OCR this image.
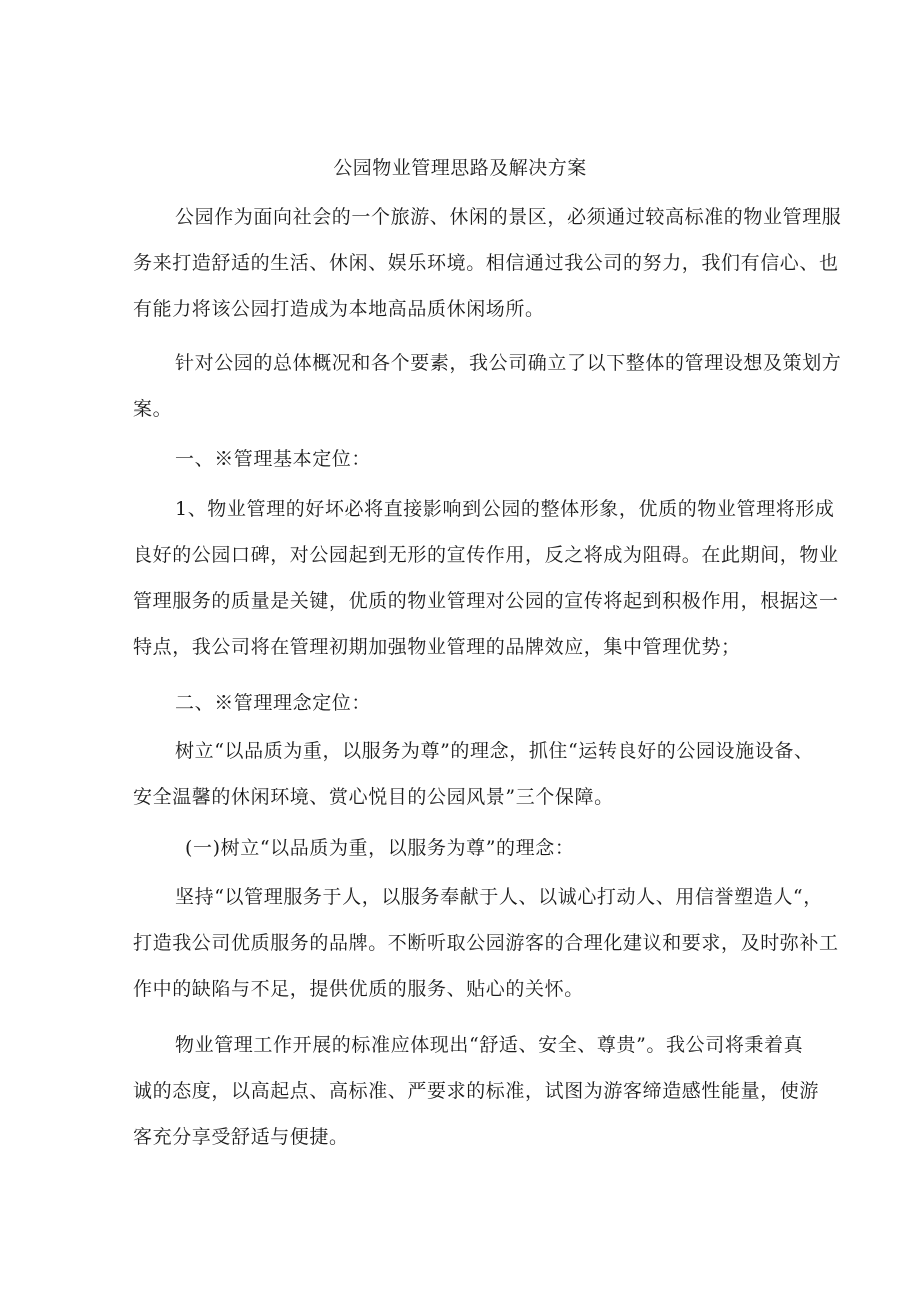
公园物业管理思路及解决方案
公园作为面向社会的一个旅游、休闲的景区，必须通过较高标准的物业管理服
务来打造舒适的生活、休闲、娱乐环境。相信通过我公司的努力，我们有信心、也
有能力将该公园打造成为本地高品质休闲场所。
针对公园的总体概况和各个要素，我公司确立了以下整体的管理设想及策划方
案。
一、※管理基本定位：
1、物业管理的好坏必将直接影响到公园的整体形象，优质的物业管理将形成
良好的公园口碑，对公园起到无形的宣传作用，反之将成为阻碍。在此期间，物业
管理服务的质量是关键，优质的物业管理对公园的宣传将起到积极作用，根据这一
特点，我公司将在管理初期加强物业管理的品牌效应，集中管理优势；
二、※管理理念定位：
树立“以品质为重，以服务为尊”的理念，抓住“运转良好的公园设施设备、
安全温馨的休闲环境、赏心悦目的公园风景”三个保障。
(一)树立“以品质为重，以服务为尊”的理念：
坚持“以管理服务于人，以服务奉献于人、以诚心打动人、用信誉塑造人“，
打造我公司优质服务的品牌。不断听取公园游客的合理化建议和要求，及时弥补工
作中的缺陷与不足，提供优质的服务、贴心的关怀。
物业管理工作开展的标准应体现出“舒适、安全、尊贵”。我公司将秉着真
诚的态度，以高起点、高标准、严要求的标准，试图为游客缔造感性能量，使游
客充分享受舒适与便捷。
